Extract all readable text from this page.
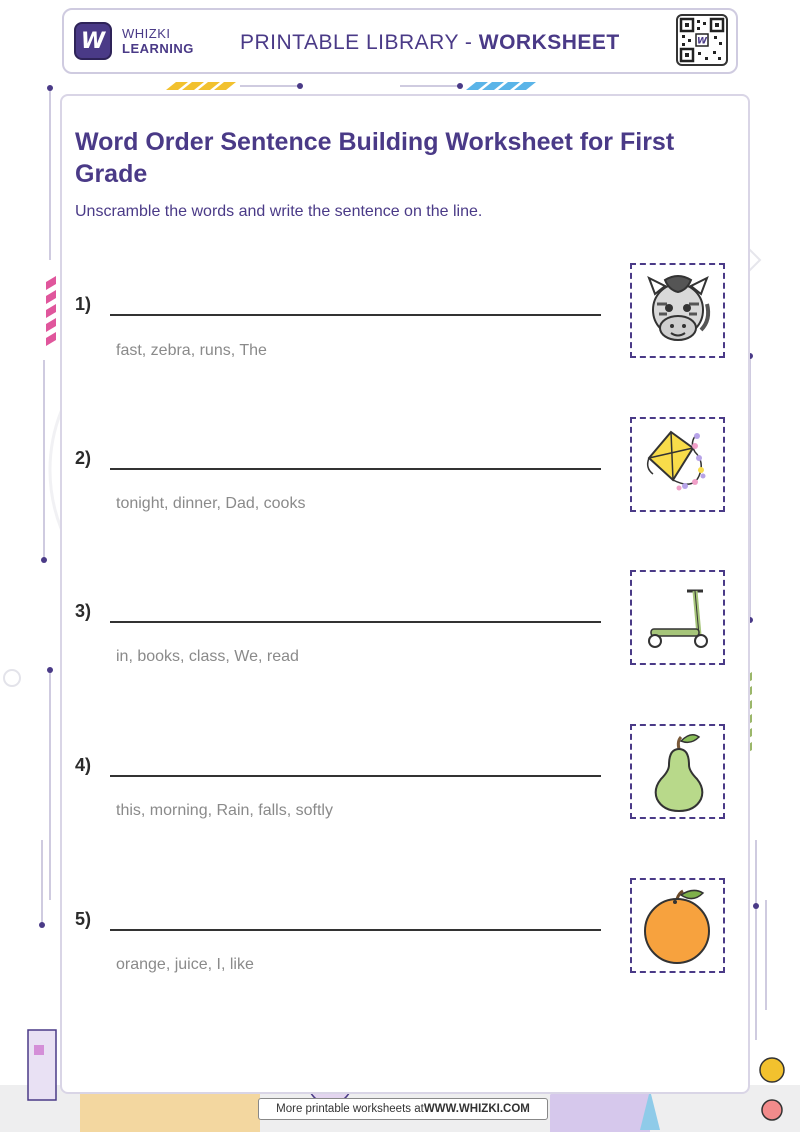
W	WHIZKI
LEARNING PRINTABLE LIBRARY - WORKSHEET	W
Word Order Sentence Building Worksheet for First Grade
Unscramble the words and write the sentence on the line.
1)
fast, zebra, runs, The
2)
tonight, dinner, Dad, cooks
3)
in, books, class, We, read
4)
this, morning, Rain, falls, softly
5)
orange, juice, I, like
More printable worksheets at WWW.WHIZKI.COM
